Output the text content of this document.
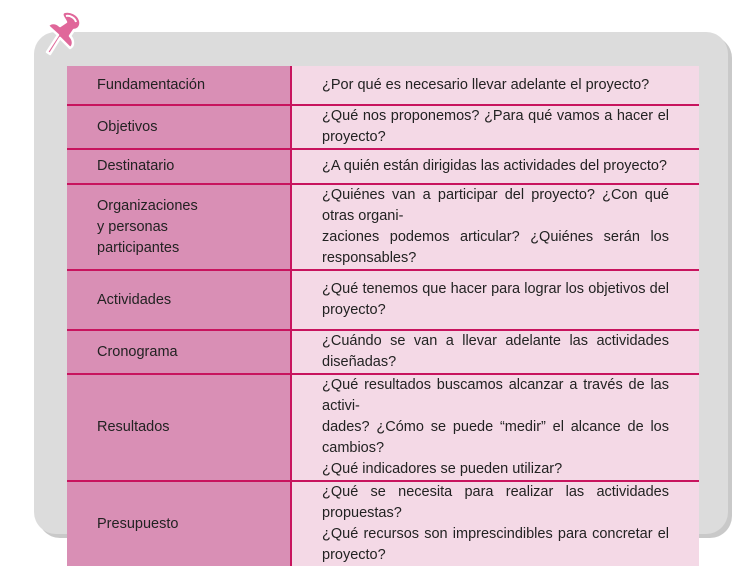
Fundamentación	¿Por qué es necesario llevar adelante el proyecto?
Objetivos	¿Qué nos proponemos? ¿Para qué vamos a hacer el proyecto?
Destinatario	¿A quién están dirigidas las actividades del proyecto?
Organizaciones
y personas
participantes	¿Quiénes van a participar del proyecto? ¿Con qué otras organi-
zaciones podemos articular? ¿Quiénes serán los responsables?
Actividades	¿Qué tenemos que hacer para lograr los objetivos del proyecto?
Cronograma	¿Cuándo se van a llevar adelante las actividades diseñadas?
Resultados	¿Qué resultados buscamos alcanzar a través de las activi-
dades? ¿Cómo se puede “medir” el alcance de los cambios?
¿Qué indicadores se pueden utilizar?
Presupuesto	¿Qué se necesita para realizar las actividades propuestas?
¿Qué recursos son imprescindibles para concretar el proyecto?
